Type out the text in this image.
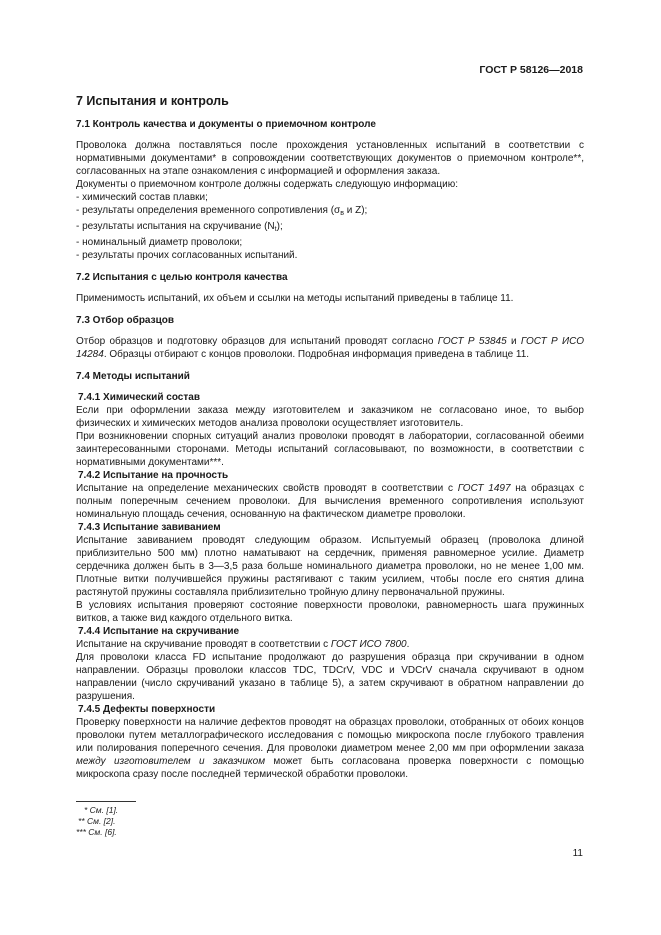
ГОСТ Р 58126—2018
7 Испытания и контроль
7.1 Контроль качества и документы о приемочном контроле

Проволока должна поставляться после прохождения установленных испытаний в соответствии с нормативными документами* в сопровождении соответствующих документов о приемочном контроле**, согласованных на этапе ознакомления с информацией и оформления заказа.

Документы о приемочном контроле должны содержать следующую информацию:

- химический состав плавки;

- результаты определения временного сопротивления ($\sigma_в$ и Z);

- результаты испытания на скручивание $(N_t)$;

- номинальный диаметр проволоки;

- результаты прочих согласованных испытаний.

7.2 Испытания с целью контроля качества

Применимость испытаний, их объем и ссылки на методы испытаний приведены в таблице 11.

7.3 Отбор образцов

Отбор образцов и подготовку образцов для испытаний проводят согласно ГОСТ Р 53845 и ГОСТ Р ИСО 14284. Образцы отбирают с концов проволоки. Подробная информация приведена в таблице 11.

7.4 Методы испытаний
7.4.1 Химический состав

Если при оформлении заказа между изготовителем и заказчиком не согласовано иное, то выбор физических и химических методов анализа проволоки осуществляет изготовитель.

При возникновении спорных ситуаций анализ проволоки проводят в лаборатории, согласованной обеими заинтересованными сторонами. Методы испытаний согласовывают, по возможности, в соответствии с нормативными документами***.

7.4.2 Испытание на прочность

Испытание на определение механических свойств проводят в соответствии с ГОСТ 1497 на образцах с полным поперечным сечением проволоки. Для вычисления временного сопротивления используют номинальную площадь сечения, основанную на фактическом диаметре проволоки.

7.4.3 Испытание завиванием

Испытание завиванием проводят следующим образом. Испытуемый образец (проволока длиной приблизительно 500 мм) плотно наматывают на сердечник, применяя равномерное усилие. Диаметр сердечника должен быть в 3—3,5 раза больше номинального диаметра проволоки, но не менее 1,00 мм. Плотные витки получившейся пружины растягивают с таким усилием, чтобы после его снятия длина растянутой пружины составляла приблизительно тройную длину первоначальной пружины.

В условиях испытания проверяют состояние поверхности проволоки, равномерность шага пружинных витков, а также вид каждого отдельного витка.

7.4.4 Испытание на скручивание

Испытание на скручивание проводят в соответствии с ГОСТ ИСО 7800.

Для проволоки класса FD испытание продолжают до разрушения образца при скручивании в одном направлении. Образцы проволоки классов TDC, TDCrV, VDC и VDCrV сначала скручивают в одном направлении (число скручиваний указано в таблице 5), а затем скручивают в обратном направлении до разрушения.

7.4.5 Дефекты поверхности

Проверку поверхности на наличие дефектов проводят на образцах проволоки, отобранных от обоих концов проволоки путем металлографического исследования с помощью микроскопа после глубокого травления или полирования поперечного сечения. Для проволоки диаметром менее 2,00 мм при оформлении заказа между изготовителем и заказчиком может быть согласована проверка поверхности с помощью микроскопа сразу после последней термической обработки проволоки.

* См. [1].
** См. [2].
*** См. [6].
11
